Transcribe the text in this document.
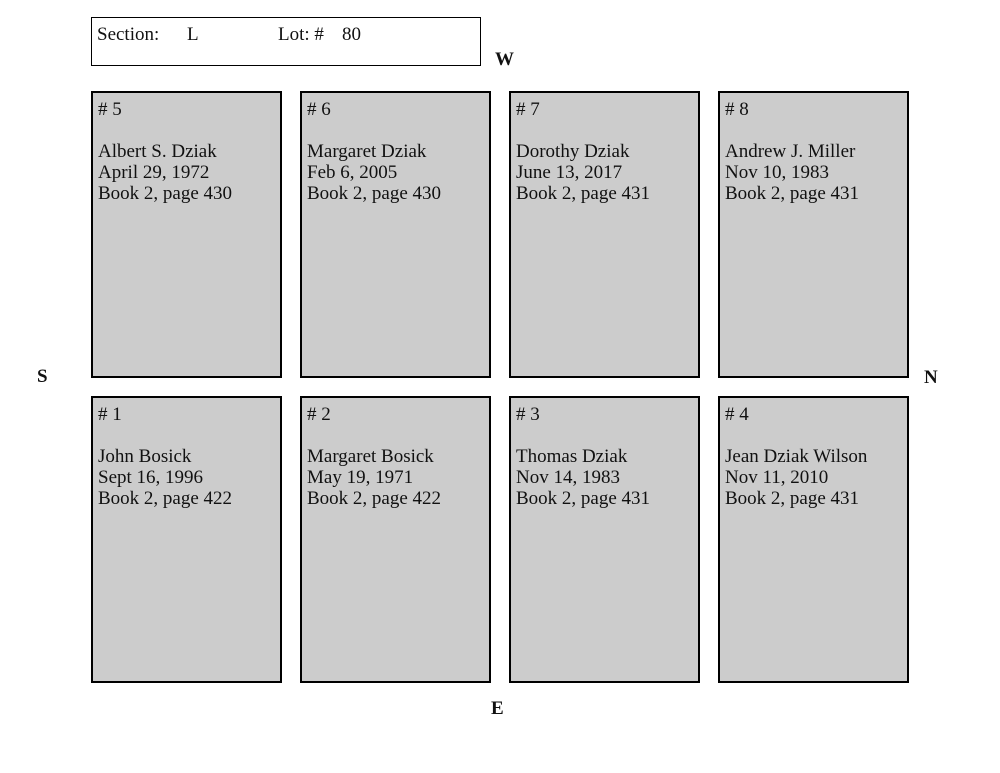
Section: L	Lot: # 80
W
E
S	N
# 5
Albert S. Dziak
April 29, 1972
Book 2, page 430
# 6
Margaret Dziak
Feb 6, 2005
Book 2, page 430
# 7
Dorothy Dziak
June 13, 2017
Book 2, page 431
# 8
Andrew J. Miller
Nov 10, 1983
Book 2, page 431
# 1
John Bosick
Sept 16, 1996
Book 2, page 422
# 2
Margaret Bosick
May 19, 1971
Book 2, page 422
# 3
Thomas Dziak
Nov 14, 1983
Book 2, page 431
# 4
Jean Dziak Wilson
Nov 11, 2010
Book 2, page 431
